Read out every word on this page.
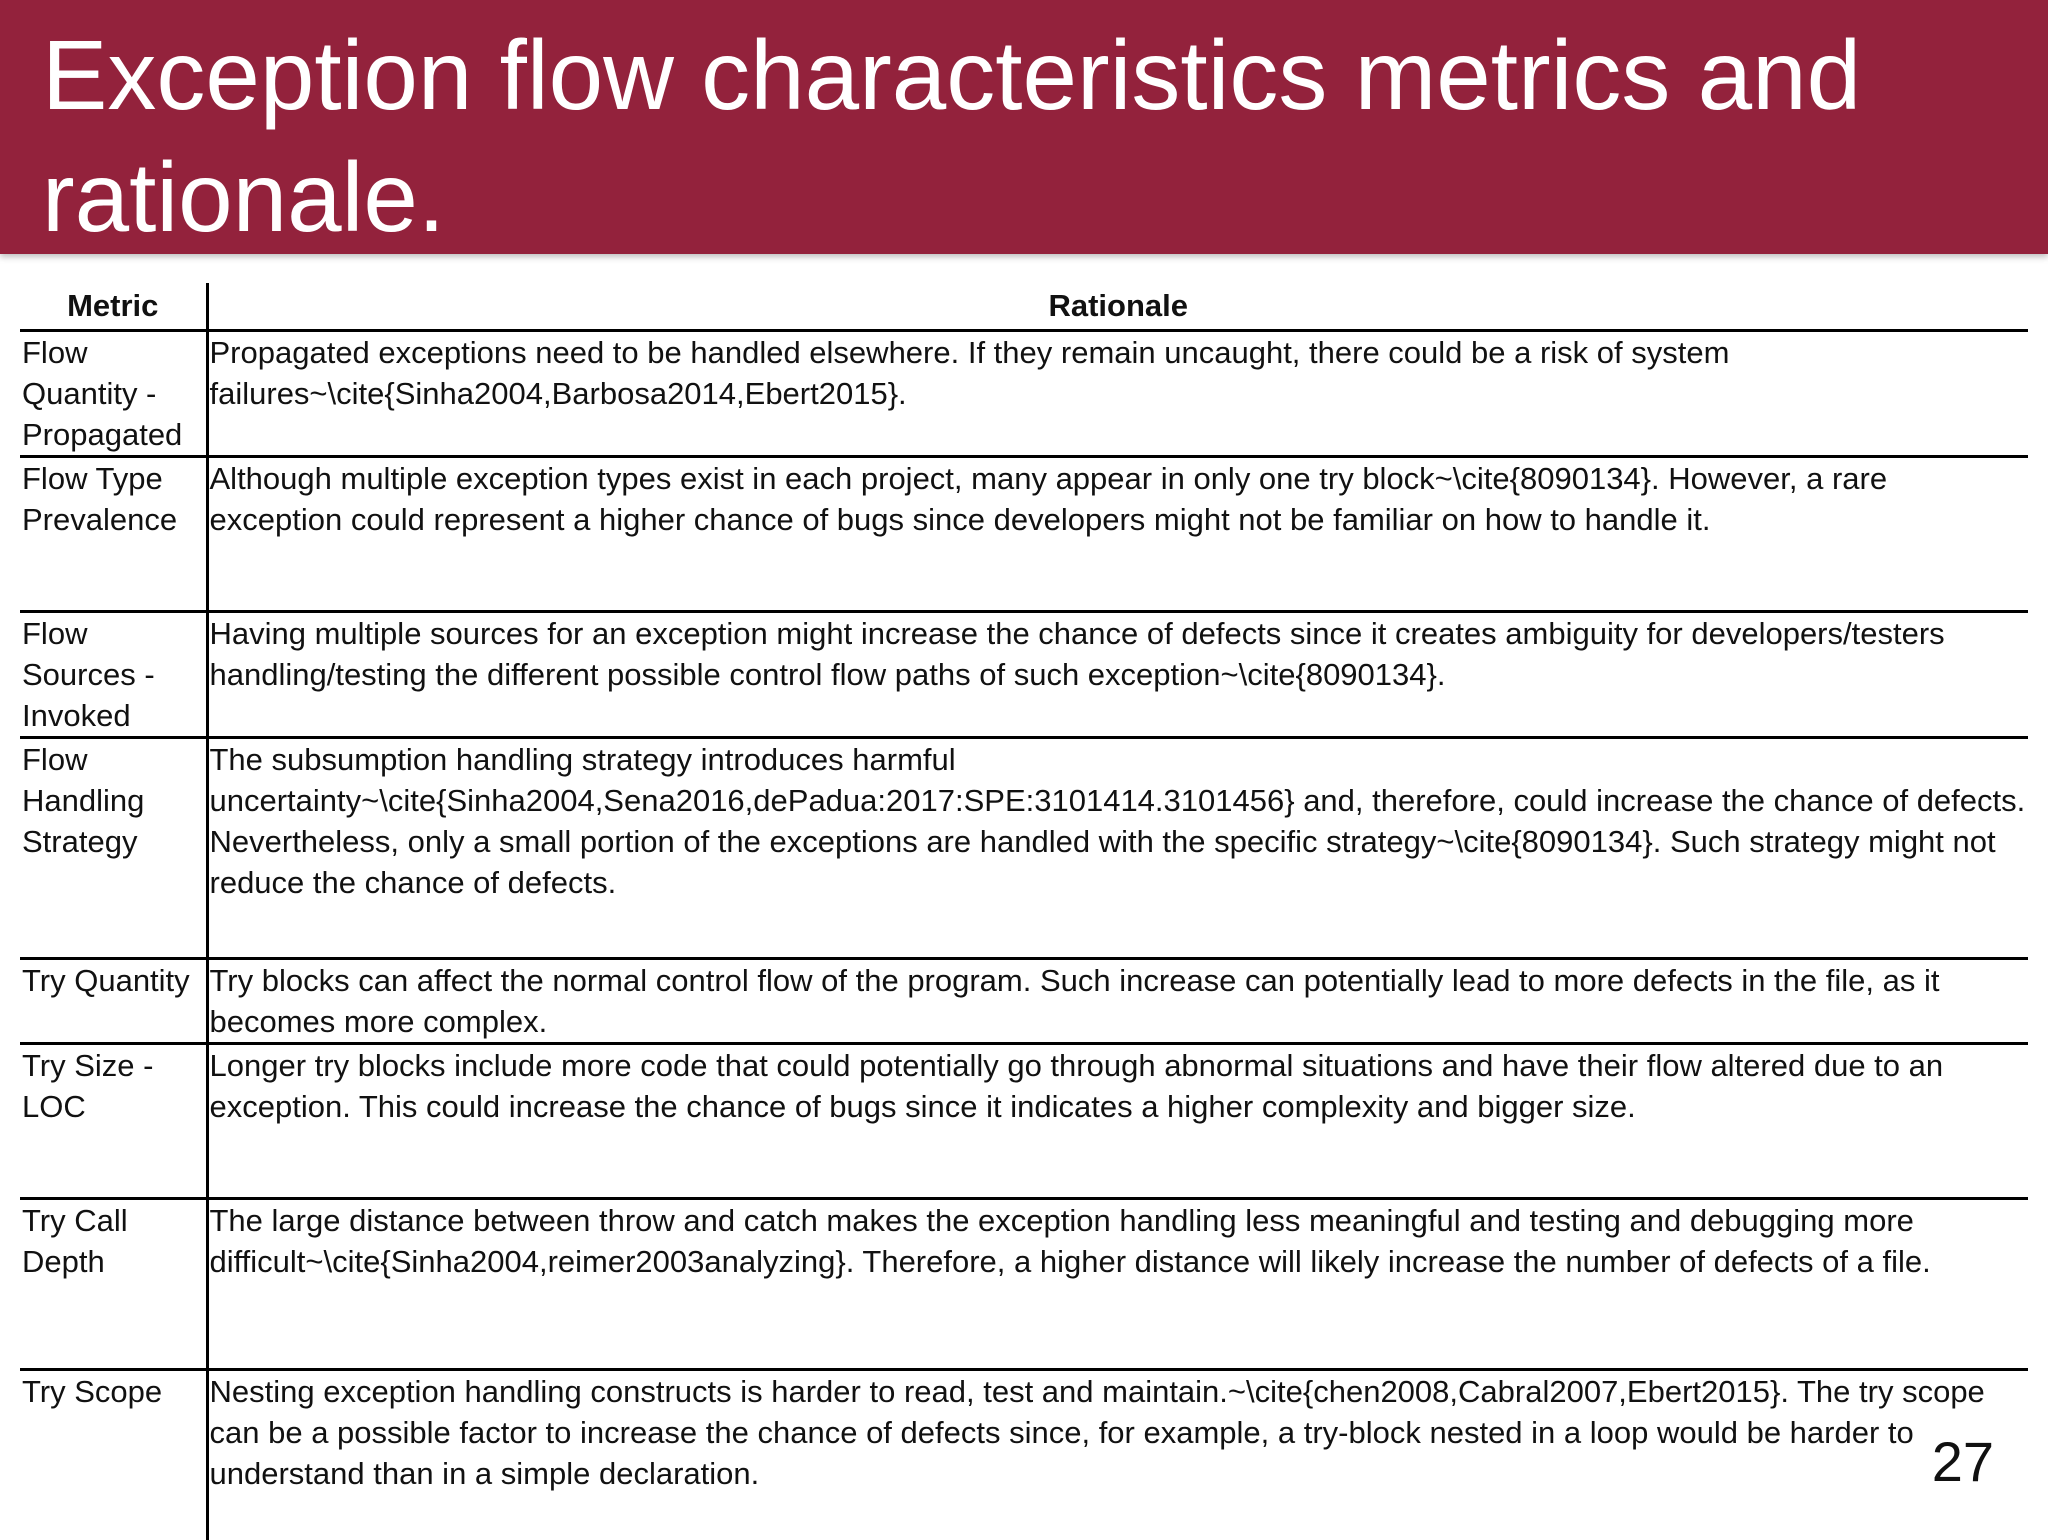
Exception flow characteristics metrics and rationale.
Metric	Rationale
Flow Quantity - Propagated	Propagated exceptions need to be handled elsewhere. If they remain uncaught, there could be a risk of system failures~\cite{Sinha2004,Barbosa2014,Ebert2015}.
Flow Type Prevalence	Although multiple exception types exist in each project, many appear in only one try block~\cite{8090134}. However, a rare exception could represent a higher chance of bugs since developers might not be familiar on how to handle it.
Flow Sources - Invoked	Having multiple sources for an exception might increase the chance of defects since it creates ambiguity for developers/testers handling/testing the different possible control flow paths of such exception~\cite{8090134}.
Flow Handling Strategy	The subsumption handling strategy introduces harmful uncertainty~\cite{Sinha2004,Sena2016,dePadua:2017:SPE:3101414.3101456} and, therefore, could increase the chance of defects. Nevertheless, only a small portion of the exceptions are handled with the specific strategy~\cite{8090134}. Such strategy might not reduce the chance of defects.
Try Quantity	Try blocks can affect the normal control flow of the program. Such increase can potentially lead to more defects in the file, as it becomes more complex.
Try Size - LOC	Longer try blocks include more code that could potentially go through abnormal situations and have their flow altered due to an exception. This could increase the chance of bugs since it indicates a higher complexity and bigger size.
Try Call Depth	The large distance between throw and catch makes the exception handling less meaningful and testing and debugging more difficult~\cite{Sinha2004,reimer2003analyzing}. Therefore, a higher distance will likely increase the number of defects of a file.
Try Scope	Nesting exception handling constructs is harder to read, test and maintain.~\cite{chen2008,Cabral2007,Ebert2015}. The try scope can be a possible factor to increase the chance of defects since, for example, a try-block nested in a loop would be harder to understand than in a simple declaration.	27
